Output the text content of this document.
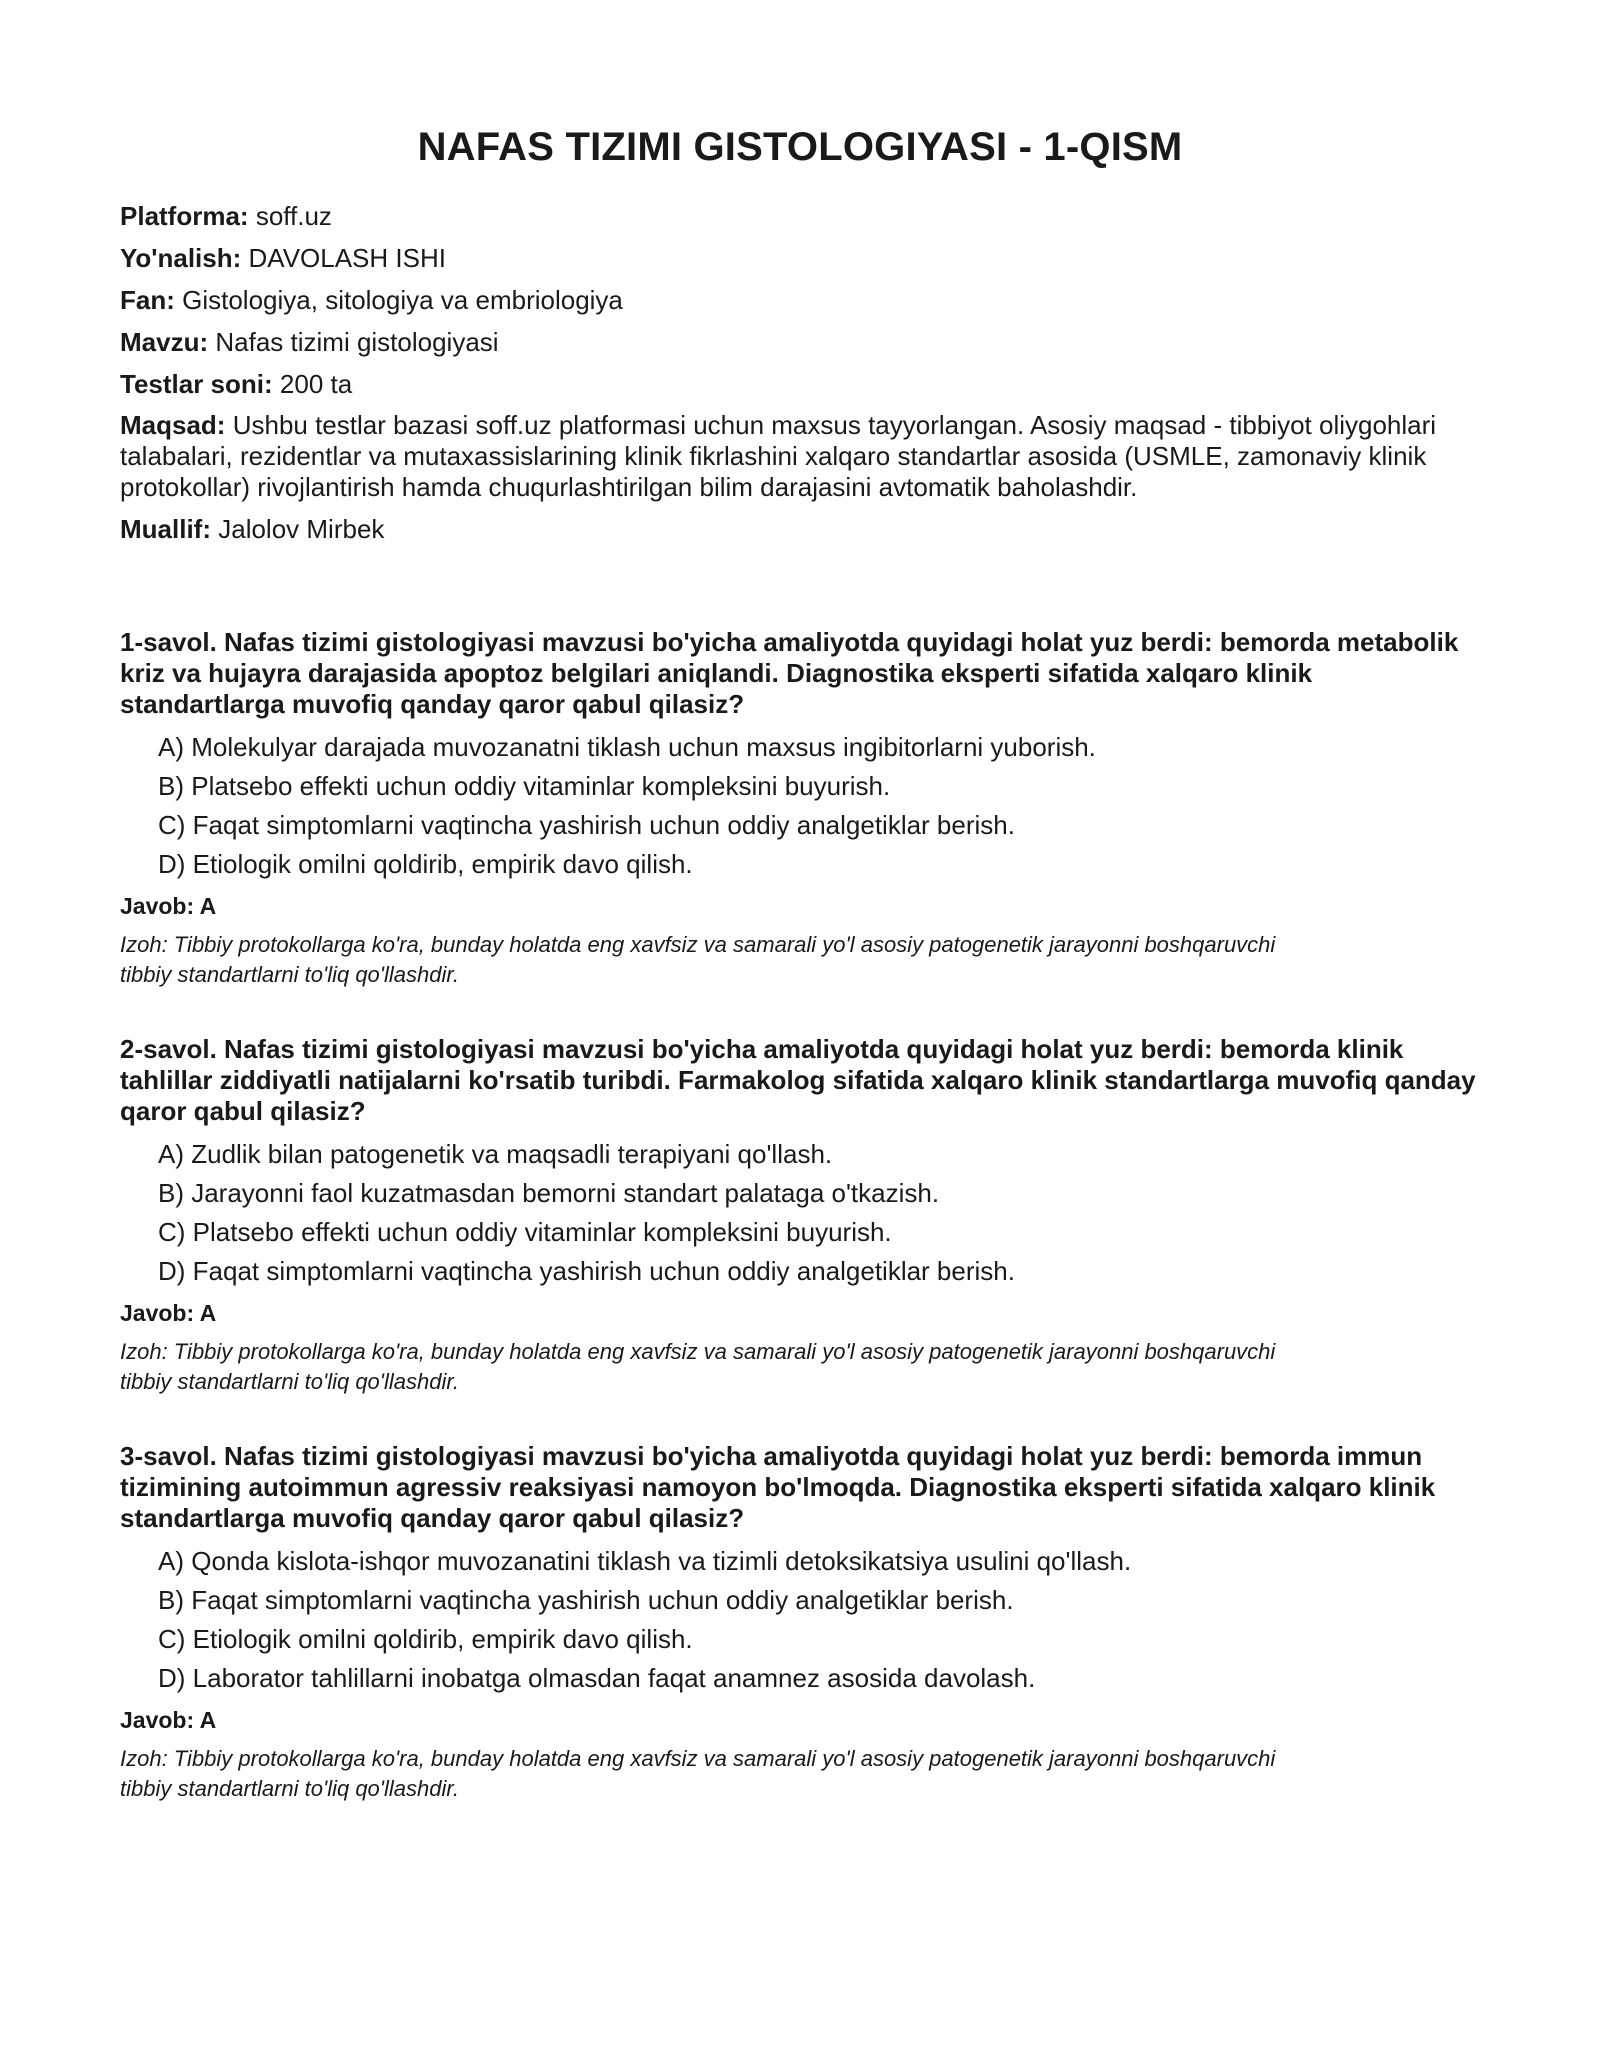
NAFAS TIZIMI GISTOLOGIYASI - 1-QISM

Platforma: soff.uz

Yo'nalish: DAVOLASH ISHI

Fan: Gistologiya, sitologiya va embriologiya

Mavzu: Nafas tizimi gistologiyasi

Testlar soni: 200 ta

Maqsad: Ushbu testlar bazasi soff.uz platformasi uchun maxsus tayyorlangan. Asosiy maqsad - tibbiyot oliygohlari talabalari, rezidentlar va mutaxassislarining klinik fikrlashini xalqaro standartlar asosida (USMLE, zamonaviy klinik protokollar) rivojlantirish hamda chuqurlashtirilgan bilim darajasini avtomatik baholashdir.

Muallif: Jalolov Mirbek

1-savol. Nafas tizimi gistologiyasi mavzusi bo'yicha amaliyotda quyidagi holat yuz berdi: bemorda metabolik kriz va hujayra darajasida apoptoz belgilari aniqlandi. Diagnostika eksperti sifatida xalqaro klinik standartlarga muvofiq qanday qaror qabul qilasiz?

A) Molekulyar darajada muvozanatni tiklash uchun maxsus ingibitorlarni yuborish.
B) Platsebo effekti uchun oddiy vitaminlar kompleksini buyurish.
C) Faqat simptomlarni vaqtincha yashirish uchun oddiy analgetiklar berish.
D) Etiologik omilni qoldirib, empirik davo qilish.

Javob: A

Izoh: Tibbiy protokollarga ko'ra, bunday holatda eng xavfsiz va samarali yo'l asosiy patogenetik jarayonni boshqaruvchi tibbiy standartlarni to'liq qo'llashdir.

2-savol. Nafas tizimi gistologiyasi mavzusi bo'yicha amaliyotda quyidagi holat yuz berdi: bemorda klinik tahlillar ziddiyatli natijalarni ko'rsatib turibdi. Farmakolog sifatida xalqaro klinik standartlarga muvofiq qanday qaror qabul qilasiz?

A) Zudlik bilan patogenetik va maqsadli terapiyani qo'llash.
B) Jarayonni faol kuzatmasdan bemorni standart palataga o'tkazish.
C) Platsebo effekti uchun oddiy vitaminlar kompleksini buyurish.
D) Faqat simptomlarni vaqtincha yashirish uchun oddiy analgetiklar berish.

Javob: A

Izoh: Tibbiy protokollarga ko'ra, bunday holatda eng xavfsiz va samarali yo'l asosiy patogenetik jarayonni boshqaruvchi tibbiy standartlarni to'liq qo'llashdir.

3-savol. Nafas tizimi gistologiyasi mavzusi bo'yicha amaliyotda quyidagi holat yuz berdi: bemorda immun tizimining autoimmun agressiv reaksiyasi namoyon bo'lmoqda. Diagnostika eksperti sifatida xalqaro klinik standartlarga muvofiq qanday qaror qabul qilasiz?

A) Qonda kislota-ishqor muvozanatini tiklash va tizimli detoksikatsiya usulini qo'llash.
B) Faqat simptomlarni vaqtincha yashirish uchun oddiy analgetiklar berish.
C) Etiologik omilni qoldirib, empirik davo qilish.
D) Laborator tahlillarni inobatga olmasdan faqat anamnez asosida davolash.

Javob: A

Izoh: Tibbiy protokollarga ko'ra, bunday holatda eng xavfsiz va samarali yo'l asosiy patogenetik jarayonni boshqaruvchi tibbiy standartlarni to'liq qo'llashdir.
